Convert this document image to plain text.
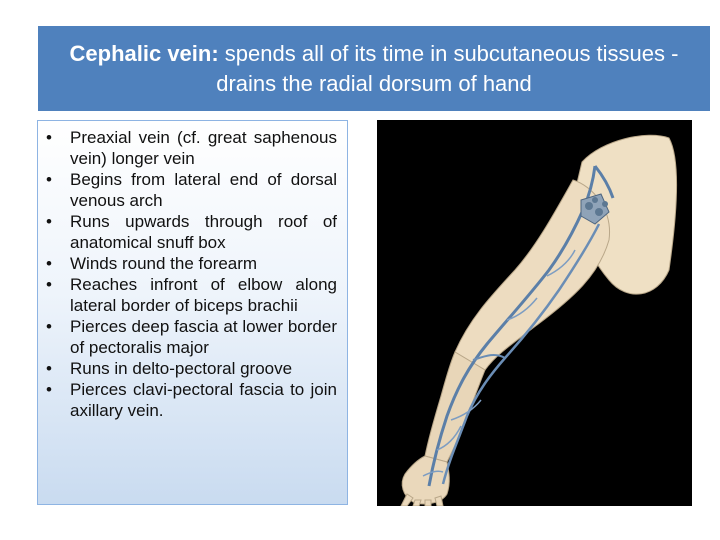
Cephalic vein: spends all of its time in subcutaneous tissues - drains the radial dorsum of hand
•	Preaxial vein (cf. great saphenous vein) longer vein
•	Begins from lateral end of dorsal venous arch
•	Runs upwards through roof of anatomical snuff box
•	Winds round the forearm
•	Reaches infront of elbow along lateral border of biceps brachii
•	Pierces deep fascia at lower border of pectoralis major
•	Runs in delto-pectoral groove
•	Pierces clavi-pectoral fascia to join axillary vein.
